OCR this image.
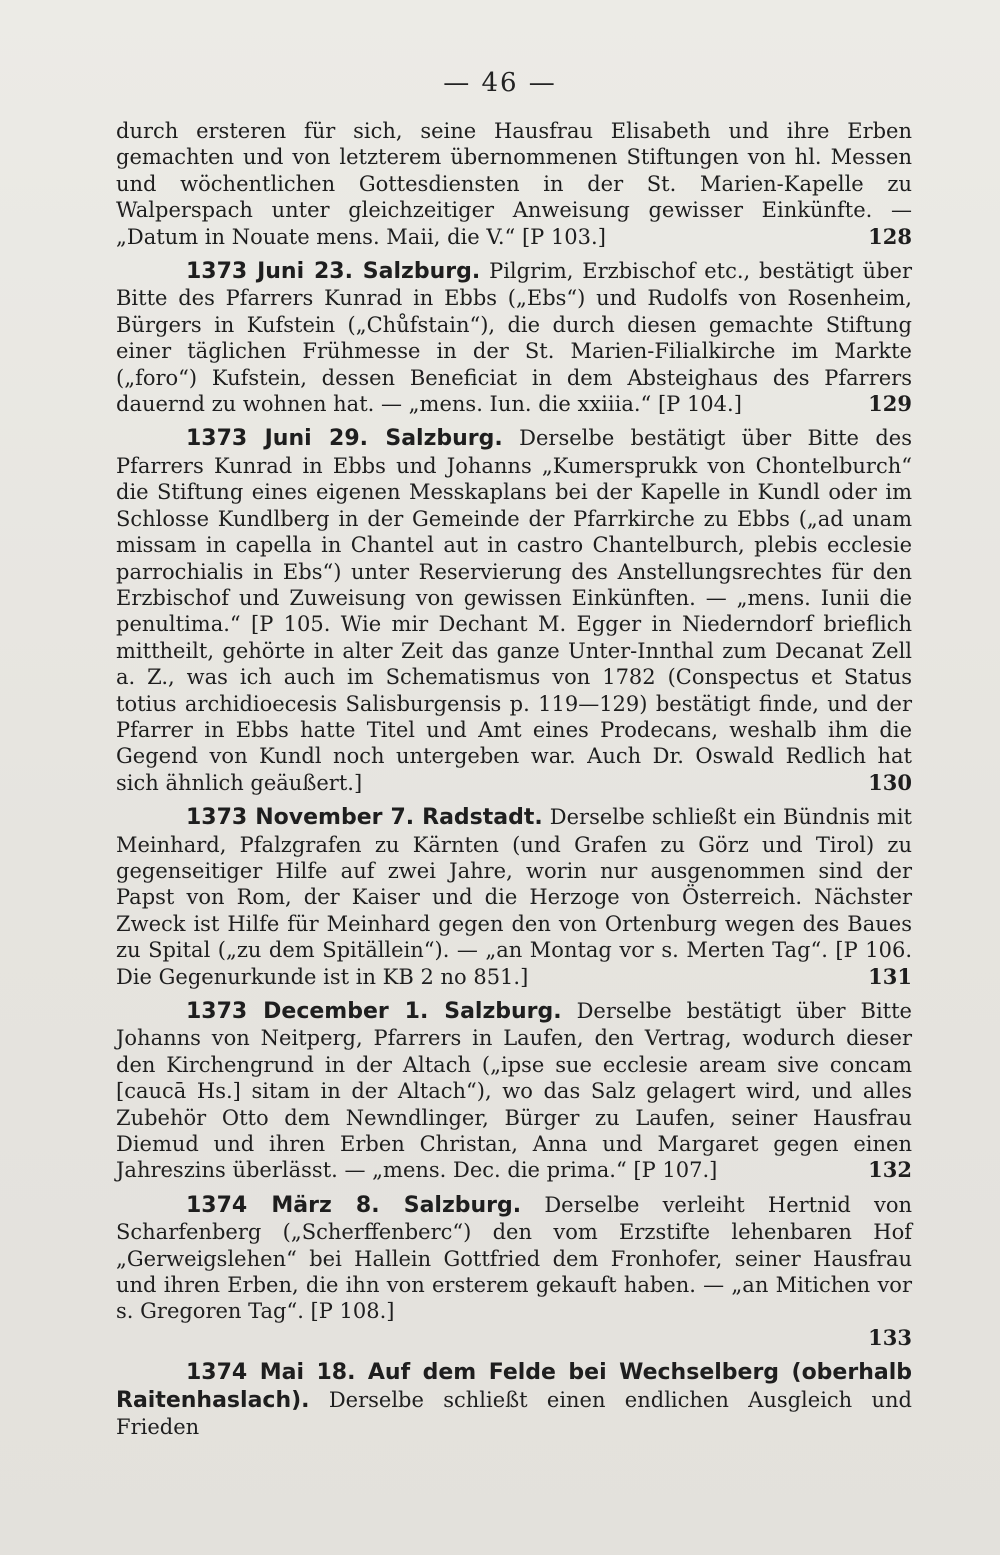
— 46 —

durch ersteren für sich, seine Hausfrau Elisabeth und ihre Erben gemachten und von letzterem übernommenen Stiftungen von hl. Messen und wöchentlichen Gottesdiensten in der St. Marien-Kapelle zu Walperspach unter gleichzeitiger Anweisung gewisser Einkünfte. — „Datum in Nouate mens. Maii, die V.“ [P 103.]	128

1373 Juni 23. Salzburg. Pilgrim, Erzbischof etc., bestätigt über Bitte des Pfarrers Kunrad in Ebbs („Ebs“) und Rudolfs von Rosenheim, Bürgers in Kufstein („Chůfstain“), die durch diesen gemachte Stiftung einer täglichen Frühmesse in der St. Marien-Filialkirche im Markte („foro“) Kufstein, dessen Beneficiat in dem Absteighaus des Pfarrers dauernd zu wohnen hat. — „mens. Iun. die xxiiia.“ [P 104.]	129

1373 Juni 29. Salzburg. Derselbe bestätigt über Bitte des Pfarrers Kunrad in Ebbs und Johanns „Kumersprukk von Chontelburch“ die Stiftung eines eigenen Messkaplans bei der Kapelle in Kundl oder im Schlosse Kundlberg in der Gemeinde der Pfarrkirche zu Ebbs („ad unam missam in capella in Chantel aut in castro Chantelburch, plebis ecclesie parrochialis in Ebs“) unter Reservierung des Anstellungsrechtes für den Erzbischof und Zuweisung von gewissen Einkünften. — „mens. Iunii die penultima.“ [P 105. Wie mir Dechant M. Egger in Niederndorf brieflich mittheilt, gehörte in alter Zeit das ganze Unter-Innthal zum Decanat Zell a. Z., was ich auch im Schematismus von 1782 (Conspectus et Status totius archidioecesis Salisburgensis p. 119—129) bestätigt finde, und der Pfarrer in Ebbs hatte Titel und Amt eines Prodecans, weshalb ihm die Gegend von Kundl noch untergeben war. Auch Dr. Oswald Redlich hat sich ähnlich geäußert.]	130

1373 November 7. Radstadt. Derselbe schließt ein Bündnis mit Meinhard, Pfalzgrafen zu Kärnten (und Grafen zu Görz und Tirol) zu gegenseitiger Hilfe auf zwei Jahre, worin nur ausgenommen sind der Papst von Rom, der Kaiser und die Herzoge von Österreich. Nächster Zweck ist Hilfe für Meinhard gegen den von Ortenburg wegen des Baues zu Spital („zu dem Spitällein“). — „an Montag vor s. Merten Tag“. [P 106. Die Gegenurkunde ist in KB 2 no 851.]	131

1373 December 1. Salzburg. Derselbe bestätigt über Bitte Johanns von Neitperg, Pfarrers in Laufen, den Vertrag, wodurch dieser den Kirchengrund in der Altach („ipse sue ecclesie aream sive concam [caucā Hs.] sitam in der Altach“), wo das Salz gelagert wird, und alles Zubehör Otto dem Newndlinger, Bürger zu Laufen, seiner Hausfrau Diemud und ihren Erben Christan, Anna und Margaret gegen einen Jahreszins überlässt. — „mens. Dec. die prima.“ [P 107.]	132

1374 März 8. Salzburg. Derselbe verleiht Hertnid von Scharfenberg („Scherffenberc“) den vom Erzstifte lehenbaren Hof „Gerweigslehen“ bei Hallein Gottfried dem Fronhofer, seiner Hausfrau und ihren Erben, die ihn von ersterem gekauft haben. — „an Mitichen vor s. Gregoren Tag“. [P 108.]
133

1374 Mai 18. Auf dem Felde bei Wechselberg (oberhalb Raitenhaslach). Derselbe schließt einen endlichen Ausgleich und Frieden
